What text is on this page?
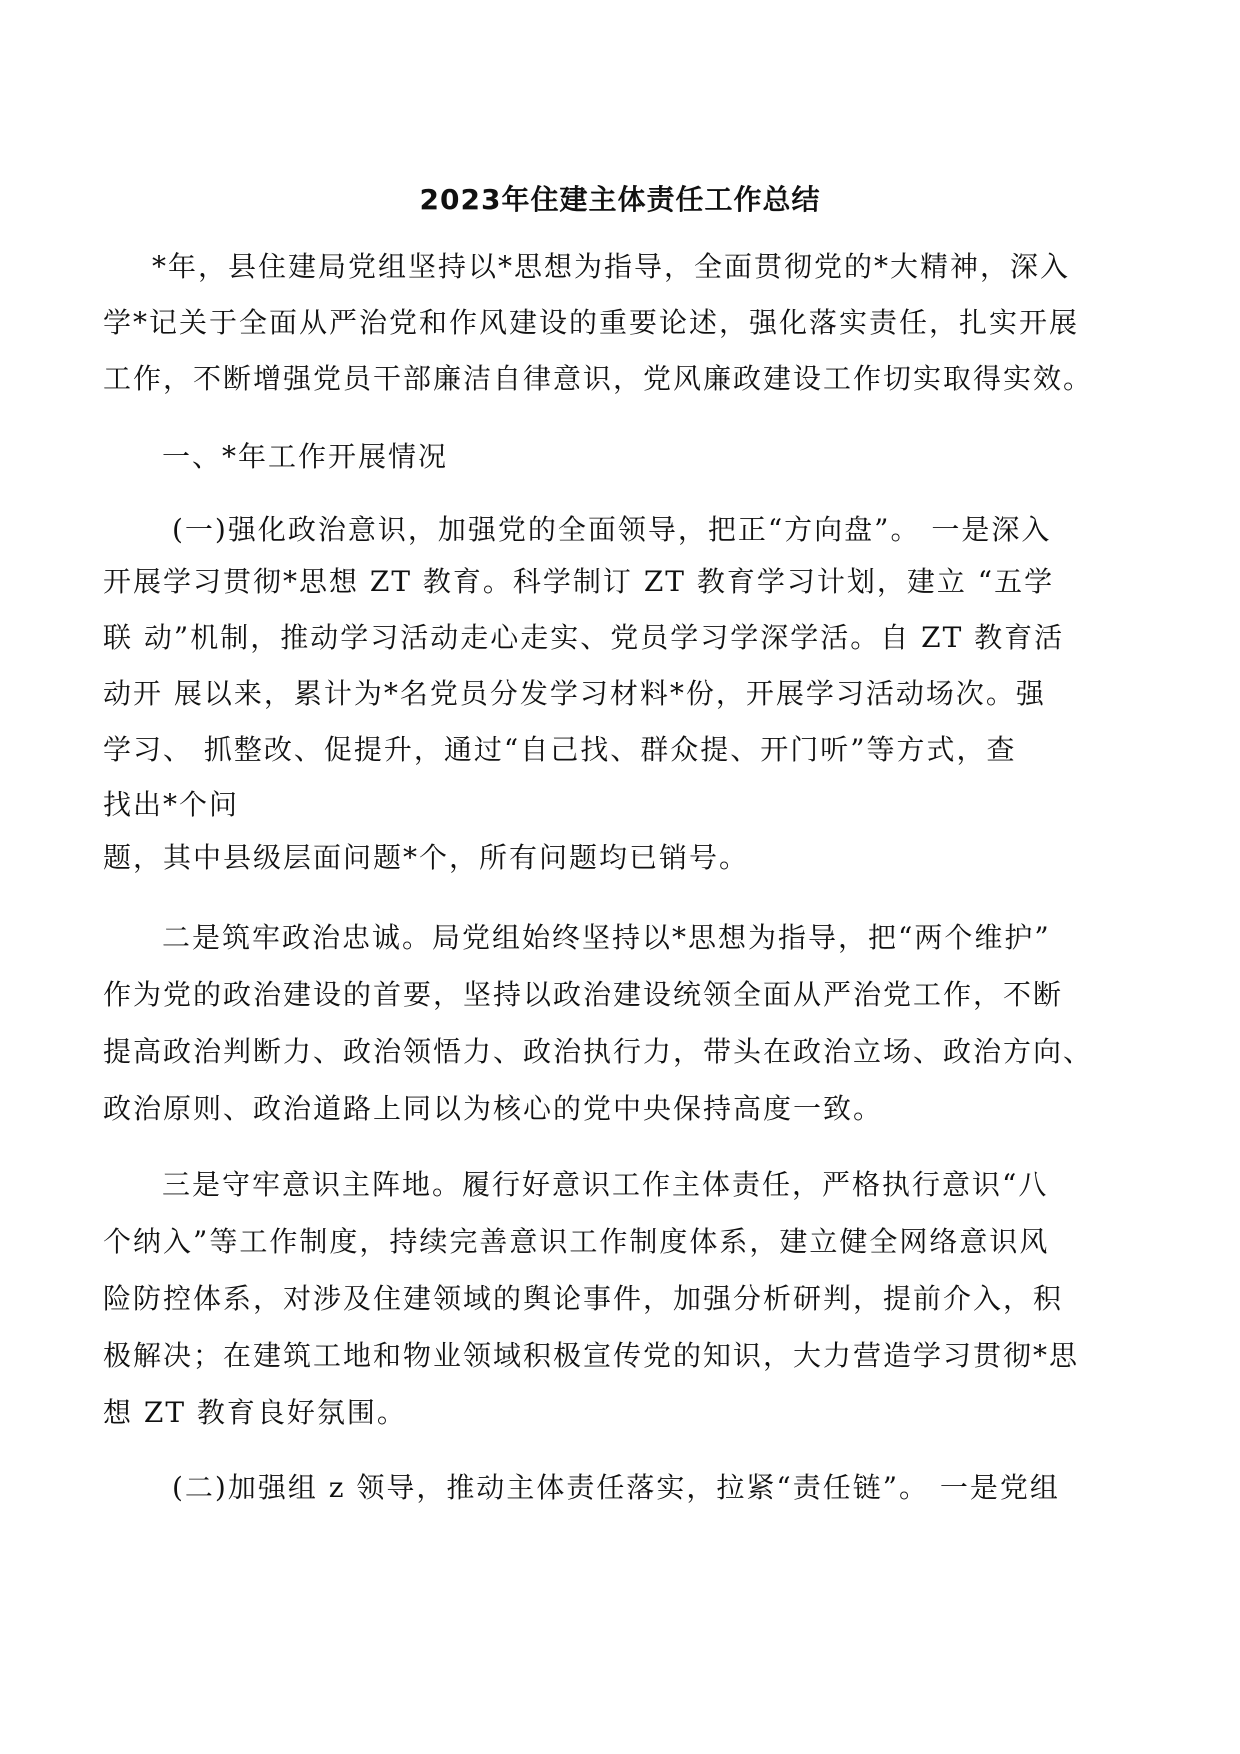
2023年住建主体责任工作总结
*年，县住建局党组坚持以*思想为指导，全面贯彻党的*大精神，深入
学*记关于全面从严治党和作风建设的重要论述，强化落实责任，扎实开展
工作，不断增强党员干部廉洁自律意识，党风廉政建设工作切实取得实效。
一、*年工作开展情况
(一)强化政治意识，加强党的全面领导，把正“方向盘”。 一是深入
开展学习贯彻*思想 ZT 教育。科学制订 ZT 教育学习计划，建立 “五学
联 动”机制，推动学习活动走心走实、党员学习学深学活。自 ZT 教育活
动开 展以来，累计为*名党员分发学习材料*份，开展学习活动场次。强
学习、 抓整改、促提升，通过“自己找、群众提、开门听”等方式，查
找出*个问
题，其中县级层面问题*个，所有问题均已销号。
二是筑牢政治忠诚。局党组始终坚持以*思想为指导，把“两个维护”
作为党的政治建设的首要，坚持以政治建设统领全面从严治党工作，不断
提高政治判断力、政治领悟力、政治执行力，带头在政治立场、政治方向、
政治原则、政治道路上同以为核心的党中央保持高度一致。
三是守牢意识主阵地。履行好意识工作主体责任，严格执行意识“八
个纳入”等工作制度，持续完善意识工作制度体系，建立健全网络意识风
险防控体系，对涉及住建领域的舆论事件，加强分析研判，提前介入，积
极解决；在建筑工地和物业领域积极宣传党的知识，大力营造学习贯彻*思
想 ZT 教育良好氛围。
(二)加强组 z 领导，推动主体责任落实，拉紧“责任链”。 一是党组
